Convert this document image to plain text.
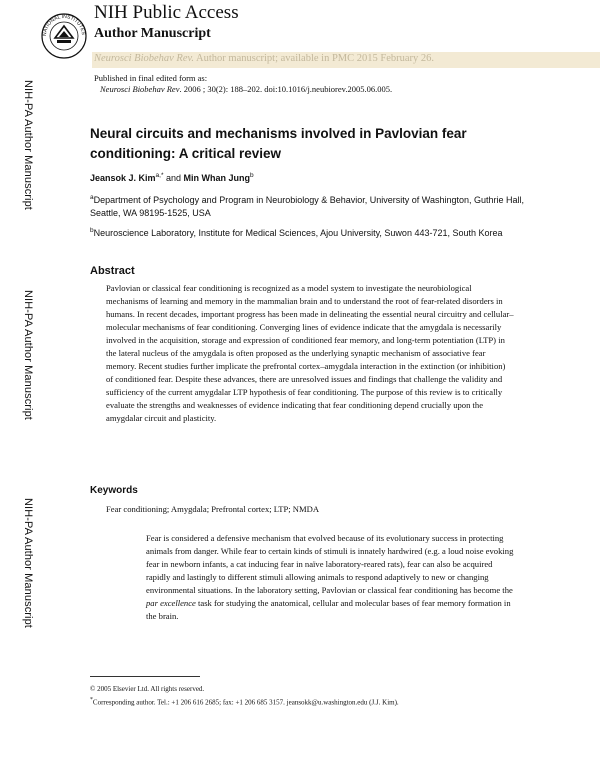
NATIONAL INSTITUTES
NIH Public Access
Author Manuscript
Neurosci Biobehav Rev. Author manuscript; available in PMC 2015 February 26.
Published in final edited form as:
Neurosci Biobehav Rev. 2006 ; 30(2): 188–202. doi:10.1016/j.neubiorev.2005.06.005.
NIH-PA Author Manuscript
NIH-PA Author Manuscript
NIH-PA Author Manuscript
Neural circuits and mechanisms involved in Pavlovian fear conditioning: A critical review
Jeansok J. Kim$^{a,*}$ and Min Whan Jung$^b$
$^a$Department of Psychology and Program in Neurobiology & Behavior, University of Washington, Guthrie Hall, Seattle, WA 98195-1525, USA
$^b$Neuroscience Laboratory, Institute for Medical Sciences, Ajou University, Suwon 443-721, South Korea
Abstract
Pavlovian or classical fear conditioning is recognized as a model system to investigate the neurobiological mechanisms of learning and memory in the mammalian brain and to understand the root of fear-related disorders in humans. In recent decades, important progress has been made in delineating the essential neural circuitry and cellular–molecular mechanisms of fear conditioning. Converging lines of evidence indicate that the amygdala is necessarily involved in the acquisition, storage and expression of conditioned fear memory, and long-term potentiation (LTP) in the lateral nucleus of the amygdala is often proposed as the underlying synaptic mechanism of associative fear memory. Recent studies further implicate the prefrontal cortex–amygdala interaction in the extinction (or inhibition) of conditioned fear. Despite these advances, there are unresolved issues and findings that challenge the validity and sufficiency of the current amygdalar LTP hypothesis of fear conditioning. The purpose of this review is to critically evaluate the strengths and weaknesses of evidence indicating that fear conditioning depend crucially upon the amygdalar circuit and plasticity.
Keywords
Fear conditioning; Amygdala; Prefrontal cortex; LTP; NMDA
Fear is considered a defensive mechanism that evolved because of its evolutionary success in protecting animals from danger. While fear to certain kinds of stimuli is innately hardwired (e.g. a loud noise evoking fear in newborn infants, a cat inducing fear in naïve laboratory-reared rats), fear can also be acquired rapidly and lastingly to different stimuli allowing animals to respond adaptively to new or changing environmental situations. In the laboratory setting, Pavlovian or classical fear conditioning has become the par excellence task for studying the anatomical, cellular and molecular bases of fear memory formation in the brain.
© 2005 Elsevier Ltd. All rights reserved.
*Corresponding author. Tel.: +1 206 616 2685; fax: +1 206 685 3157. jeansokk@u.washington.edu (J.J. Kim).
